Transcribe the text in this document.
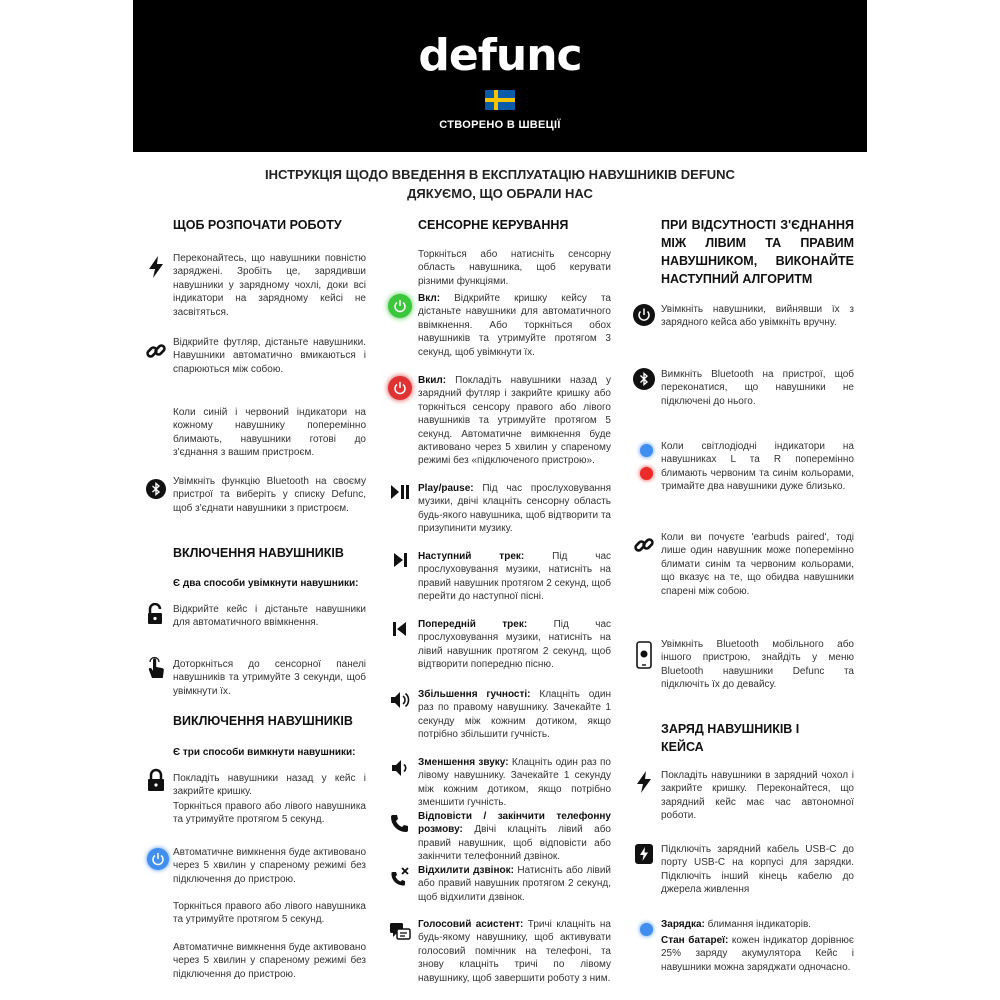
defunc
СТВОРЕНО В ШВЕЦІЇ
ІНСТРУКЦІЯ ЩОДО ВВЕДЕННЯ В ЕКСПЛУАТАЦІЮ НАВУШНИКІВ DEFUNC
ДЯКУЄМО, ЩО ОБРАЛИ НАС
ЩОБ РОЗПОЧАТИ РОБОТУ
Переконайтесь, що навушники повністю заряджені. Зробіть це, зарядивши навушники у зарядному чохлі, доки всі індикатори на зарядному кейсі не засвітяться.
Відкрийте футляр, дістаньте навушники. Навушники автоматично вмикаються і спарюються між собою.
Коли синій і червоний індикатори на кожному навушнику поперемінно блимають, навушники готові до з'єднання з вашим пристроєм.
Увімкніть функцію Bluetooth на своєму пристрої та виберіть у списку Defunc, щоб з'єднати навушники з пристроєм.
ВКЛЮЧЕННЯ НАВУШНИКІВ
Є два способи увімкнути навушники:
Відкрийте кейс і дістаньте навушники для автоматичного ввімкнення.
Доторкніться до сенсорної панелі навушників та утримуйте 3 секунди, щоб увімкнути їх.
ВИКЛЮЧЕННЯ НАВУШНИКІВ
Є три способи вимкнути навушники:
Покладіть навушники назад у кейс і закрийте кришку.
Торкніться правого або лівого навушника та утримуйте протягом 5 секунд.
Автоматичне вимкнення буде активовано через 5 хвилин у спареному режимі без підключення до пристрою.
Торкніться правого або лівого навушника та утримуйте протягом 5 секунд.
Автоматичне вимкнення буде активовано через 5 хвилин у спареному режимі без підключення до пристрою.
СЕНСОРНЕ КЕРУВАННЯ
Торкніться або натисніть сенсорну область навушника, щоб керувати різними функціями.
Вкл: Відкрийте кришку кейсу та дістаньте навушники для автоматичного ввімкнення. Або торкніться обох навушників та утримуйте протягом 3 секунд, щоб увімкнути їх.
Вкил: Покладіть навушники назад у зарядний футляр і закрийте кришку або торкніться сенсору правого або лівого навушників та утримуйте протягом 5 секунд. Автоматичне вимкнення буде активовано через 5 хвилин у спареному режимі без «підключеного пристрою».
Play/pause: Під час прослуховування музики, двічі клацніть сенсорну область будь-якого навушника, щоб відтворити та призупинити музику.
Наступний трек:	Під час прослуховування музики, натисніть на правий навушник протягом 2 секунд, щоб перейти до наступної пісні.
Попередній трек:	Під час прослуховування музики, натисніть на лівий навушник протягом 2 секунд, щоб відтворити попередню пісню.
Збільшення гучності: Клацніть один раз по правому навушнику. Зачекайте 1 секунду між кожним дотиком, якщо потрібно збільшити гучність.
Зменшення звуку: Клацніть один раз по лівому навушнику. Зачекайте 1 секунду між кожним дотиком, якщо потрібно зменшити гучність.
Відповісти / закінчити телефонну розмову: Двічі клацніть лівий або правий навушник, щоб відповісти або закінчити телефонний дзвінок.
Відхилити дзвінок: Натисніть або лівий або правий навушник протягом 2 секунд, щоб відхилити дзвінок.
Голосовий асистент: Тричі клацніть на будь-якому навушнику, щоб активувати голосовий помічник на телефоні, та знову клацніть тричі по лівому навушнику, щоб завершити роботу з ним.
ПРИ ВІДСУТНОСТІ З'ЄДНАННЯ МІЖ ЛІВИМ ТА ПРАВИМ НАВУШНИКОМ, ВИКОНАЙТЕ НАСТУПНИЙ АЛГОРИТМ
Увімкніть навушники, вийнявши їх з зарядного кейса або увімкніть вручну.
Вимкніть Bluetooth на пристрої, щоб переконатися, що навушники не підключені до нього.
Коли світлодіодні індикатори на навушниках L та R поперемінно блимають червоним та синім кольорами, тримайте два навушники дуже близько.
Коли ви почуєте 'earbuds paired', тоді лише один навушник може поперемінно блимати синім та червоним кольорами, що вказує на те, що обидва навушники спарені між собою.
Увімкніть Bluetooth мобільного або іншого пристрою, знайдіть у меню Bluetooth навушники Defunc та підключіть їх до девайсу.
ЗАРЯД НАВУШНИКІВ І КЕЙСА
Покладіть навушники в зарядний чохол і закрийте кришку. Переконайтеся, що зарядний кейс має час автономної роботи.
Підключіть зарядний кабель USB-C до порту USB-C на корпусі для зарядки. Підключіть інший кінець кабелю до джерела живлення
Зарядка: блимання індикаторів.
Стан батареї: кожен індикатор дорівнює 25% заряду акумулятора Кейс і навушники можна заряджати одночасно.
